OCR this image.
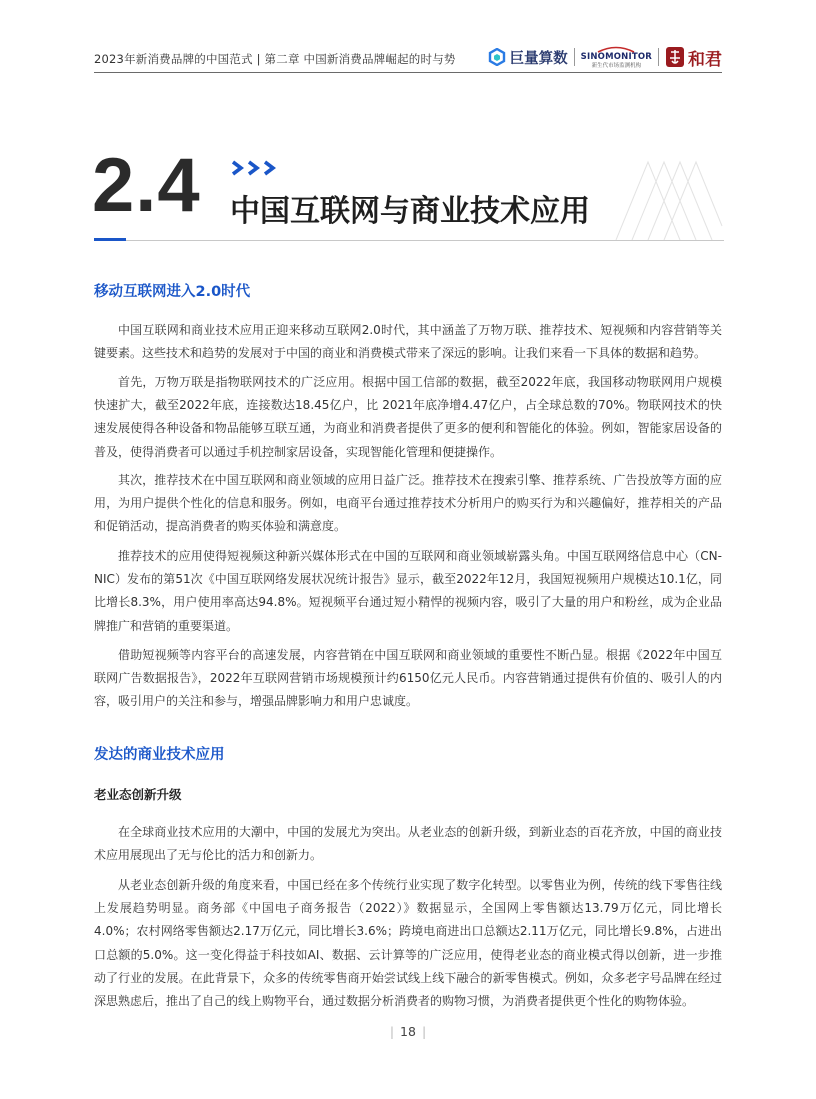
2023年新消费品牌的中国范式 | 第二章 中国新消费品牌崛起的时与势	巨量算数 SINOMONITOR
新生代市场监测机构	和君
2.4 中国互联网与商业技术应用
移动互联网进入2.0时代

中国互联网和商业技术应用正迎来移动互联网2.0时代，其中涵盖了万物万联、推荐技术、短视频和内容营销等关键要素。这些技术和趋势的发展对于中国的商业和消费模式带来了深远的影响。让我们来看一下具体的数据和趋势。

首先，万物万联是指物联网技术的广泛应用。根据中国工信部的数据，截至2022年底，我国移动物联网用户规模快速扩大，截至2022年底，连接数达18.45亿户，比 2021年底净增4.47亿户，占全球总数的70%。物联网技术的快速发展使得各种设备和物品能够互联互通，为商业和消费者提供了更多的便利和智能化的体验。例如，智能家居设备的普及，使得消费者可以通过手机控制家居设备，实现智能化管理和便捷操作。

其次，推荐技术在中国互联网和商业领域的应用日益广泛。推荐技术在搜索引擎、推荐系统、广告投放等方面的应用，为用户提供个性化的信息和服务。例如，电商平台通过推荐技术分析用户的购买行为和兴趣偏好，推荐相关的产品和促销活动，提高消费者的购买体验和满意度。

推荐技术的应用使得短视频这种新兴媒体形式在中国的互联网和商业领域崭露头角。中国互联网络信息中心（CN-NIC）发布的第51次《中国互联网络发展状况统计报告》显示，截至2022年12月，我国短视频用户规模达10.1亿，同比增长8.3%，用户使用率高达94.8%。短视频平台通过短小精悍的视频内容，吸引了大量的用户和粉丝，成为企业品牌推广和营销的重要渠道。

借助短视频等内容平台的高速发展，内容营销在中国互联网和商业领域的重要性不断凸显。根据《2022年中国互联网广告数据报告》，2022年互联网营销市场规模预计约6150亿元人民币。内容营销通过提供有价值的、吸引人的内容，吸引用户的关注和参与，增强品牌影响力和用户忠诚度。

发达的商业技术应用
老业态创新升级

在全球商业技术应用的大潮中，中国的发展尤为突出。从老业态的创新升级，到新业态的百花齐放，中国的商业技术应用展现出了无与伦比的活力和创新力。

从老业态创新升级的角度来看，中国已经在多个传统行业实现了数字化转型。以零售业为例，传统的线下零售往线上发展趋势明显。商务部《中国电子商务报告（2022）》数据显示，全国网上零售额达13.79万亿元，同比增长4.0%；农村网络零售额达2.17万亿元，同比增长3.6%；跨境电商进出口总额达2.11万亿元，同比增长9.8%，占进出口总额的5.0%。这一变化得益于科技如AI、数据、云计算等的广泛应用，使得老业态的商业模式得以创新，进一步推动了行业的发展。在此背景下，众多的传统零售商开始尝试线上线下融合的新零售模式。例如，众多老字号品牌在经过深思熟虑后，推出了自己的线上购物平台，通过数据分析消费者的购物习惯，为消费者提供更个性化的购物体验。

| 18 |
